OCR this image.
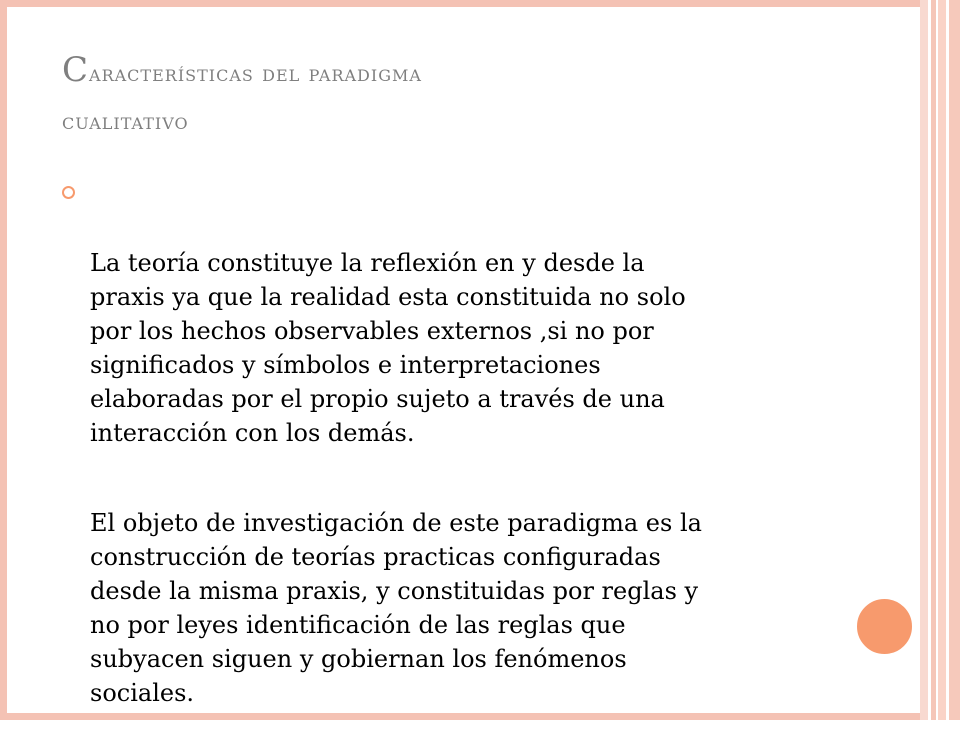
Características del paradigma
cualitativo

La teoría constituye la reflexión en y desde la
praxis ya que la realidad esta constituida no solo
por los hechos observables externos ,si no por
significados y símbolos e interpretaciones
elaboradas por el propio sujeto a través de una
interacción con los demás.

El objeto de investigación de este paradigma es la
construcción de teorías practicas configuradas
desde la misma praxis, y constituidas por reglas y
no por leyes identificación de las reglas que
subyacen siguen y gobiernan los fenómenos
sociales.
